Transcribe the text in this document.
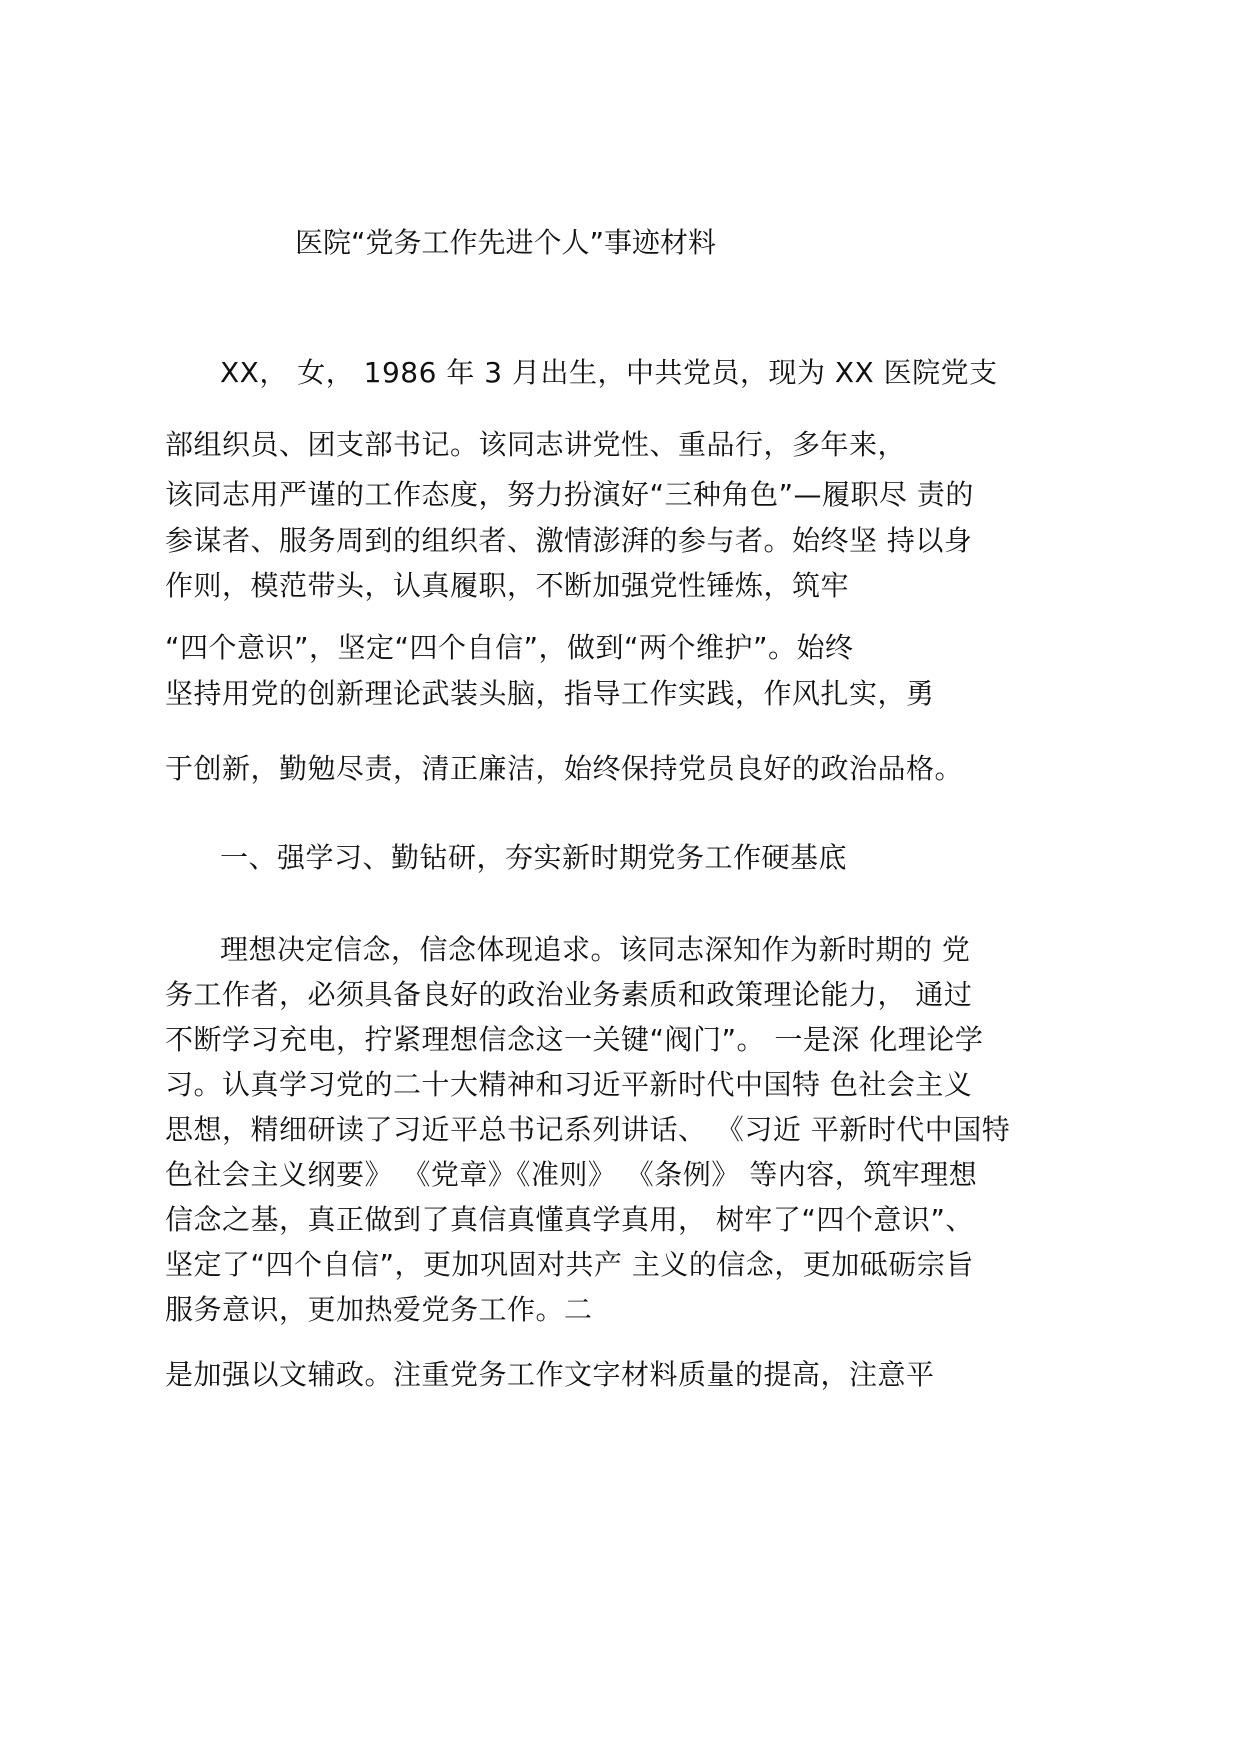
医院“党务工作先进个人”事迹材料
XX， 女， 1986 年 3 月出生，中共党员，现为 XX 医院党支
部组织员、团支部书记。该同志讲党性、重品行，多年来，
该同志用严谨的工作态度，努力扮演好“三种角色”—履职尽 责的
参谋者、服务周到的组织者、激情澎湃的参与者。始终坚 持以身
作则，模范带头，认真履职，不断加强党性锤炼，筑牢
“四个意识”，坚定“四个自信”，做到“两个维护”。始终
坚持用党的创新理论武装头脑，指导工作实践，作风扎实，勇
于创新，勤勉尽责，清正廉洁，始终保持党员良好的政治品格。
一、强学习、勤钻研，夯实新时期党务工作硬基底
理想决定信念，信念体现追求。该同志深知作为新时期的 党
务工作者，必须具备良好的政治业务素质和政策理论能力， 通过
不断学习充电，拧紧理想信念这一关键“阀门”。 一是深 化理论学
习。认真学习党的二十大精神和习近平新时代中国特 色社会主义
思想，精细研读了习近平总书记系列讲话、 《习近 平新时代中国特
色社会主义纲要》 《党章》《准则》 《条例》 等内容，筑牢理想
信念之基，真正做到了真信真懂真学真用， 树牢了“四个意识”、
坚定了“四个自信”，更加巩固对共产 主义的信念，更加砥砺宗旨
服务意识，更加热爱党务工作。二
是加强以文辅政。注重党务工作文字材料质量的提高，注意平
